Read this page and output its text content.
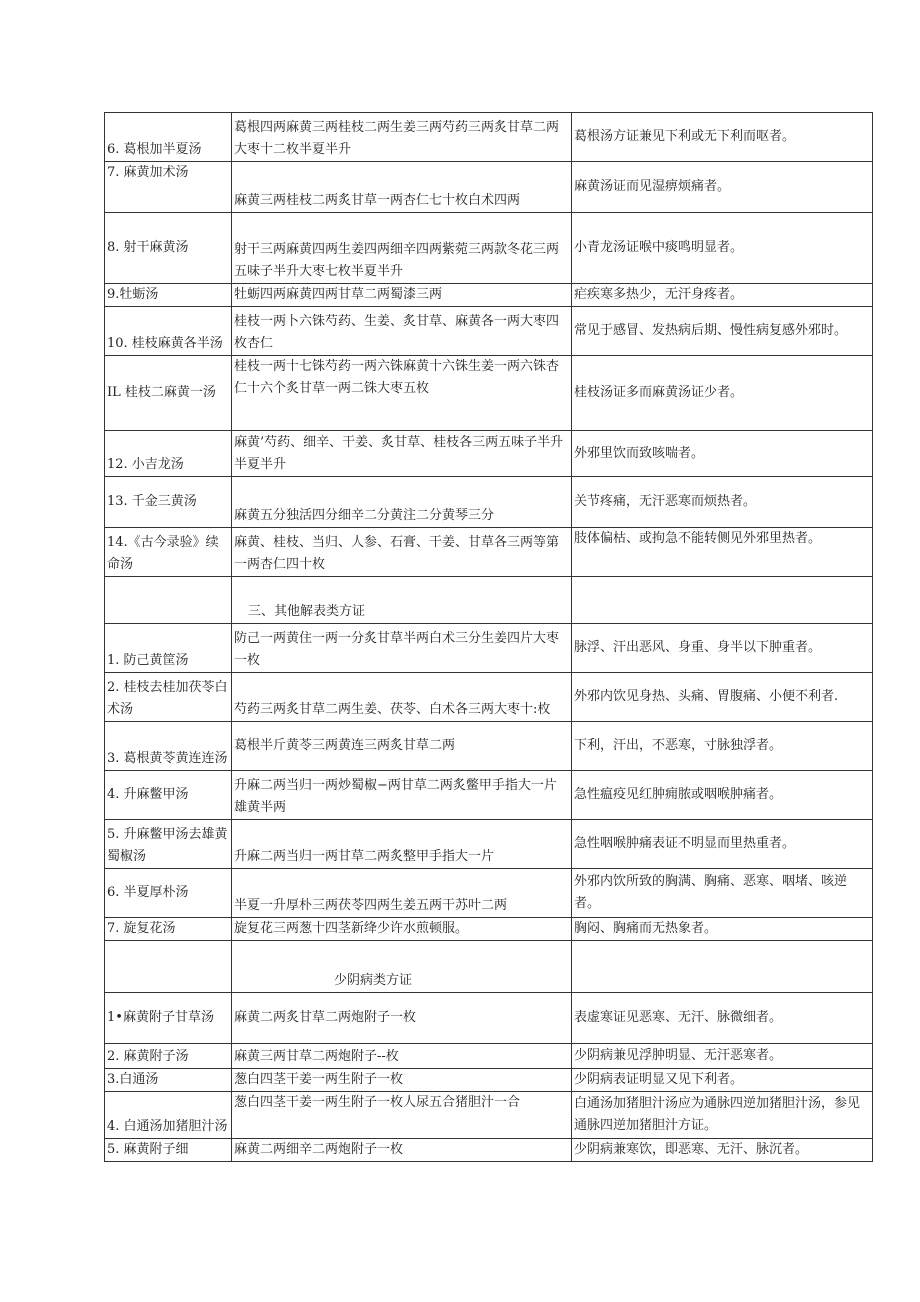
6. 葛根加半夏汤	葛根四两麻黄三两桂枝二两生姜三两芍药三两炙甘草二两大枣十二枚半夏半升	葛根汤方证兼见下利或无下利而呕者。
7. 麻黄加术汤	麻黄三两桂枝二两炙甘草一两杏仁七十枚白术四两	麻黄汤证而见湿痹烦痛者。
8. 射干麻黄汤	射干三两麻黄四两生姜四两细辛四两紫菀三两款冬花三两五味子半升大枣七枚半夏半升	小青龙汤证喉中痰鸣明显者。
9.牡蛎汤	牡蛎四两麻黄四两甘草二两蜀漆三两	疟疾寒多热少，无汗身疼者。
10. 桂枝麻黄各半汤	桂枝一两卜六铢芍药、生姜、炙甘草、麻黄各一两大枣四枚杏仁	常见于感冒、发热病后期、慢性病复感外邪时。
IL 桂枝二麻黄一汤	桂枝一两十七铢芍药一两六铢麻黄十六铢生姜一两六铢杏仁十六个炙甘草一两二铢大枣五枚	桂枝汤证多而麻黄汤证少者。
12. 小吉龙汤	麻黄’芍药、细辛、干姜、炙甘草、桂枝各三两五味子半升半夏半升	外邪里饮而致咳喘者。
13. 千金三黄汤	麻黄五分独活四分细辛二分黄注二分黄琴三分	关节疼痛，无汗恶寒而烦热者。
14.《古今录验》续命汤	麻黄、桂枝、当归、人参、石膏、干姜、甘草各三两等第一两杏仁四十枚	肢体偏枯、或拘急不能转侧见外邪里热者。
	三、其他解表类方证	
1. 防己黄筐汤	防己一两黄住一两一分炙甘草半两白术三分生姜四片大枣一枚	脉浮、汗出恶风、身重、身半以下肿重者。
2. 桂枝去桂加茯苓白术汤	芍药三两炙甘草二两生姜、茯苓、白术各三两大枣十:枚	外邪内饮见身热、头痛、胃腹痛、小便不利者.
3. 葛根黄苓黄连连汤	葛根半斤黄苓三两黄连三两炙甘草二两	下利，汗出，不恶寒，寸脉独浮者。
4. 升麻鳖甲汤	升麻二两当归一两炒蜀椒−两甘草二两炙鳖甲手指大一片雄黄半两	急性瘟疫见红肿痈脓或咽喉肿痛者。
5. 升麻鳖甲汤去雄黄蜀椒汤	升麻二两当归一两甘草二两炙整甲手指大一片	急性咽喉肿痛表证不明显而里热重者。
6. 半夏厚朴汤	半夏一升厚朴三两茯苓四两生姜五两干苏叶二两	外邪内饮所致的胸满、胸痛、恶寒、咽堵、咳逆者。
7. 旋复花汤	旋复花三两葱十四茎新绛少许水煎顿服。	胸闷、胸痛而无热象者。
	少阴病类方证	
1•麻黄附子甘草汤	麻黄二两炙甘草二两炮附子一枚	表虚寒证见恶寒、无汗、脉微细者。
2. 麻黄附子汤	麻黄三两甘草二两炮附子--枚	少阴病兼见浮肿明显、无汗恶寒者。
3.白通汤	葱白四茎干姜一两生附子一枚	少阴病表证明显又见下利者。
4. 白通汤加猪胆汁汤	葱白四茎干姜一两生附子一枚人尿五合猪胆汁一合	白通汤加猪胆汁汤应为通脉四逆加猪胆汁汤，参见通脉四逆加猪胆汁方证。
5. 麻黄附子细	麻黄二两细辛二两炮附子一枚	少阴病兼寒饮，即恶寒、无汗、脉沉者。
